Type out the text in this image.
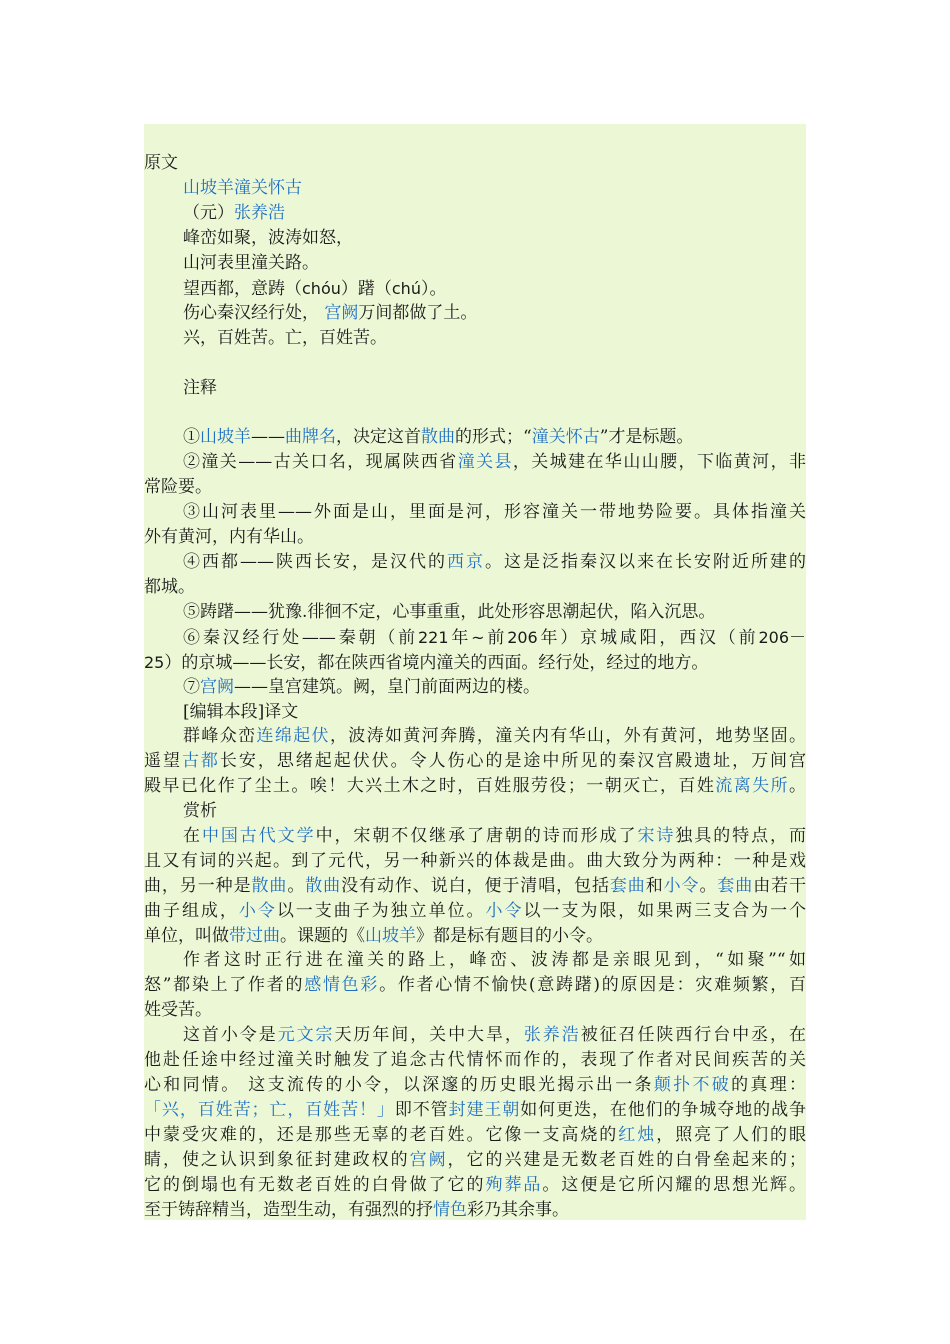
原文
山坡羊潼关怀古
（元）张养浩
峰峦如聚，波涛如怒，
山河表里潼关路。
望西都，意踌（chóu）躇（chú）。
伤心秦汉经行处， 宫阙万间都做了土。
兴，百姓苦。亡，百姓苦。
注释
①山坡羊——曲牌名，决定这首散曲的形式；“潼关怀古”才是标题。
②潼关——古关口名，现属陕西省潼关县，关城建在华山山腰，下临黄河，非
常险要。
③山河表里——外面是山，里面是河，形容潼关一带地势险要。具体指潼关
外有黄河，内有华山。
④西都——陕西长安，是汉代的西京。这是泛指秦汉以来在长安附近所建的
都城。
⑤踌躇——犹豫.徘徊不定，心事重重，此处形容思潮起伏，陷入沉思。
⑥秦汉经行处——秦朝（前221年~前206年）京城咸阳，西汉（前206－
25）的京城——长安，都在陕西省境内潼关的西面。经行处，经过的地方。
⑦宫阙——皇宫建筑。阙，皇门前面两边的楼。
[编辑本段]译文
群峰众峦连绵起伏，波涛如黄河奔腾，潼关内有华山，外有黄河，地势坚固。
遥望古都长安，思绪起起伏伏。令人伤心的是途中所见的秦汉宫殿遗址，万间宫
殿早已化作了尘土。唉！大兴土木之时，百姓服劳役；一朝灭亡，百姓流离失所。
赏析
在中国古代文学中，宋朝不仅继承了唐朝的诗而形成了宋诗独具的特点，而
且又有词的兴起。到了元代，另一种新兴的体裁是曲。曲大致分为两种：一种是戏
曲，另一种是散曲。散曲没有动作、说白，便于清唱，包括套曲和小令。套曲由若干
曲子组成，小令以一支曲子为独立单位。小令以一支为限，如果两三支合为一个
单位，叫做带过曲。课题的《山坡羊》都是标有题目的小令。
作者这时正行进在潼关的路上，峰峦、波涛都是亲眼见到，“如聚”“如
怒”都染上了作者的感情色彩。作者心情不愉快(意踌躇)的原因是：灾难频繁，百
姓受苦。
这首小令是元文宗天历年间，关中大旱，张养浩被征召任陕西行台中丞，在
他赴任途中经过潼关时触发了追念古代情怀而作的，表现了作者对民间疾苦的关
心和同情。 这支流传的小令，以深邃的历史眼光揭示出一条颠扑不破的真理：
「兴，百姓苦；亡，百姓苦！」即不管封建王朝如何更迭，在他们的争城夺地的战争
中蒙受灾难的，还是那些无辜的老百姓。它像一支高烧的红烛，照亮了人们的眼
睛，使之认识到象征封建政权的宫阙，它的兴建是无数老百姓的白骨垒起来的；
它的倒塌也有无数老百姓的白骨做了它的殉葬品。这便是它所闪耀的思想光辉。
至于铸辞精当，造型生动，有强烈的抒情色彩乃其余事。
